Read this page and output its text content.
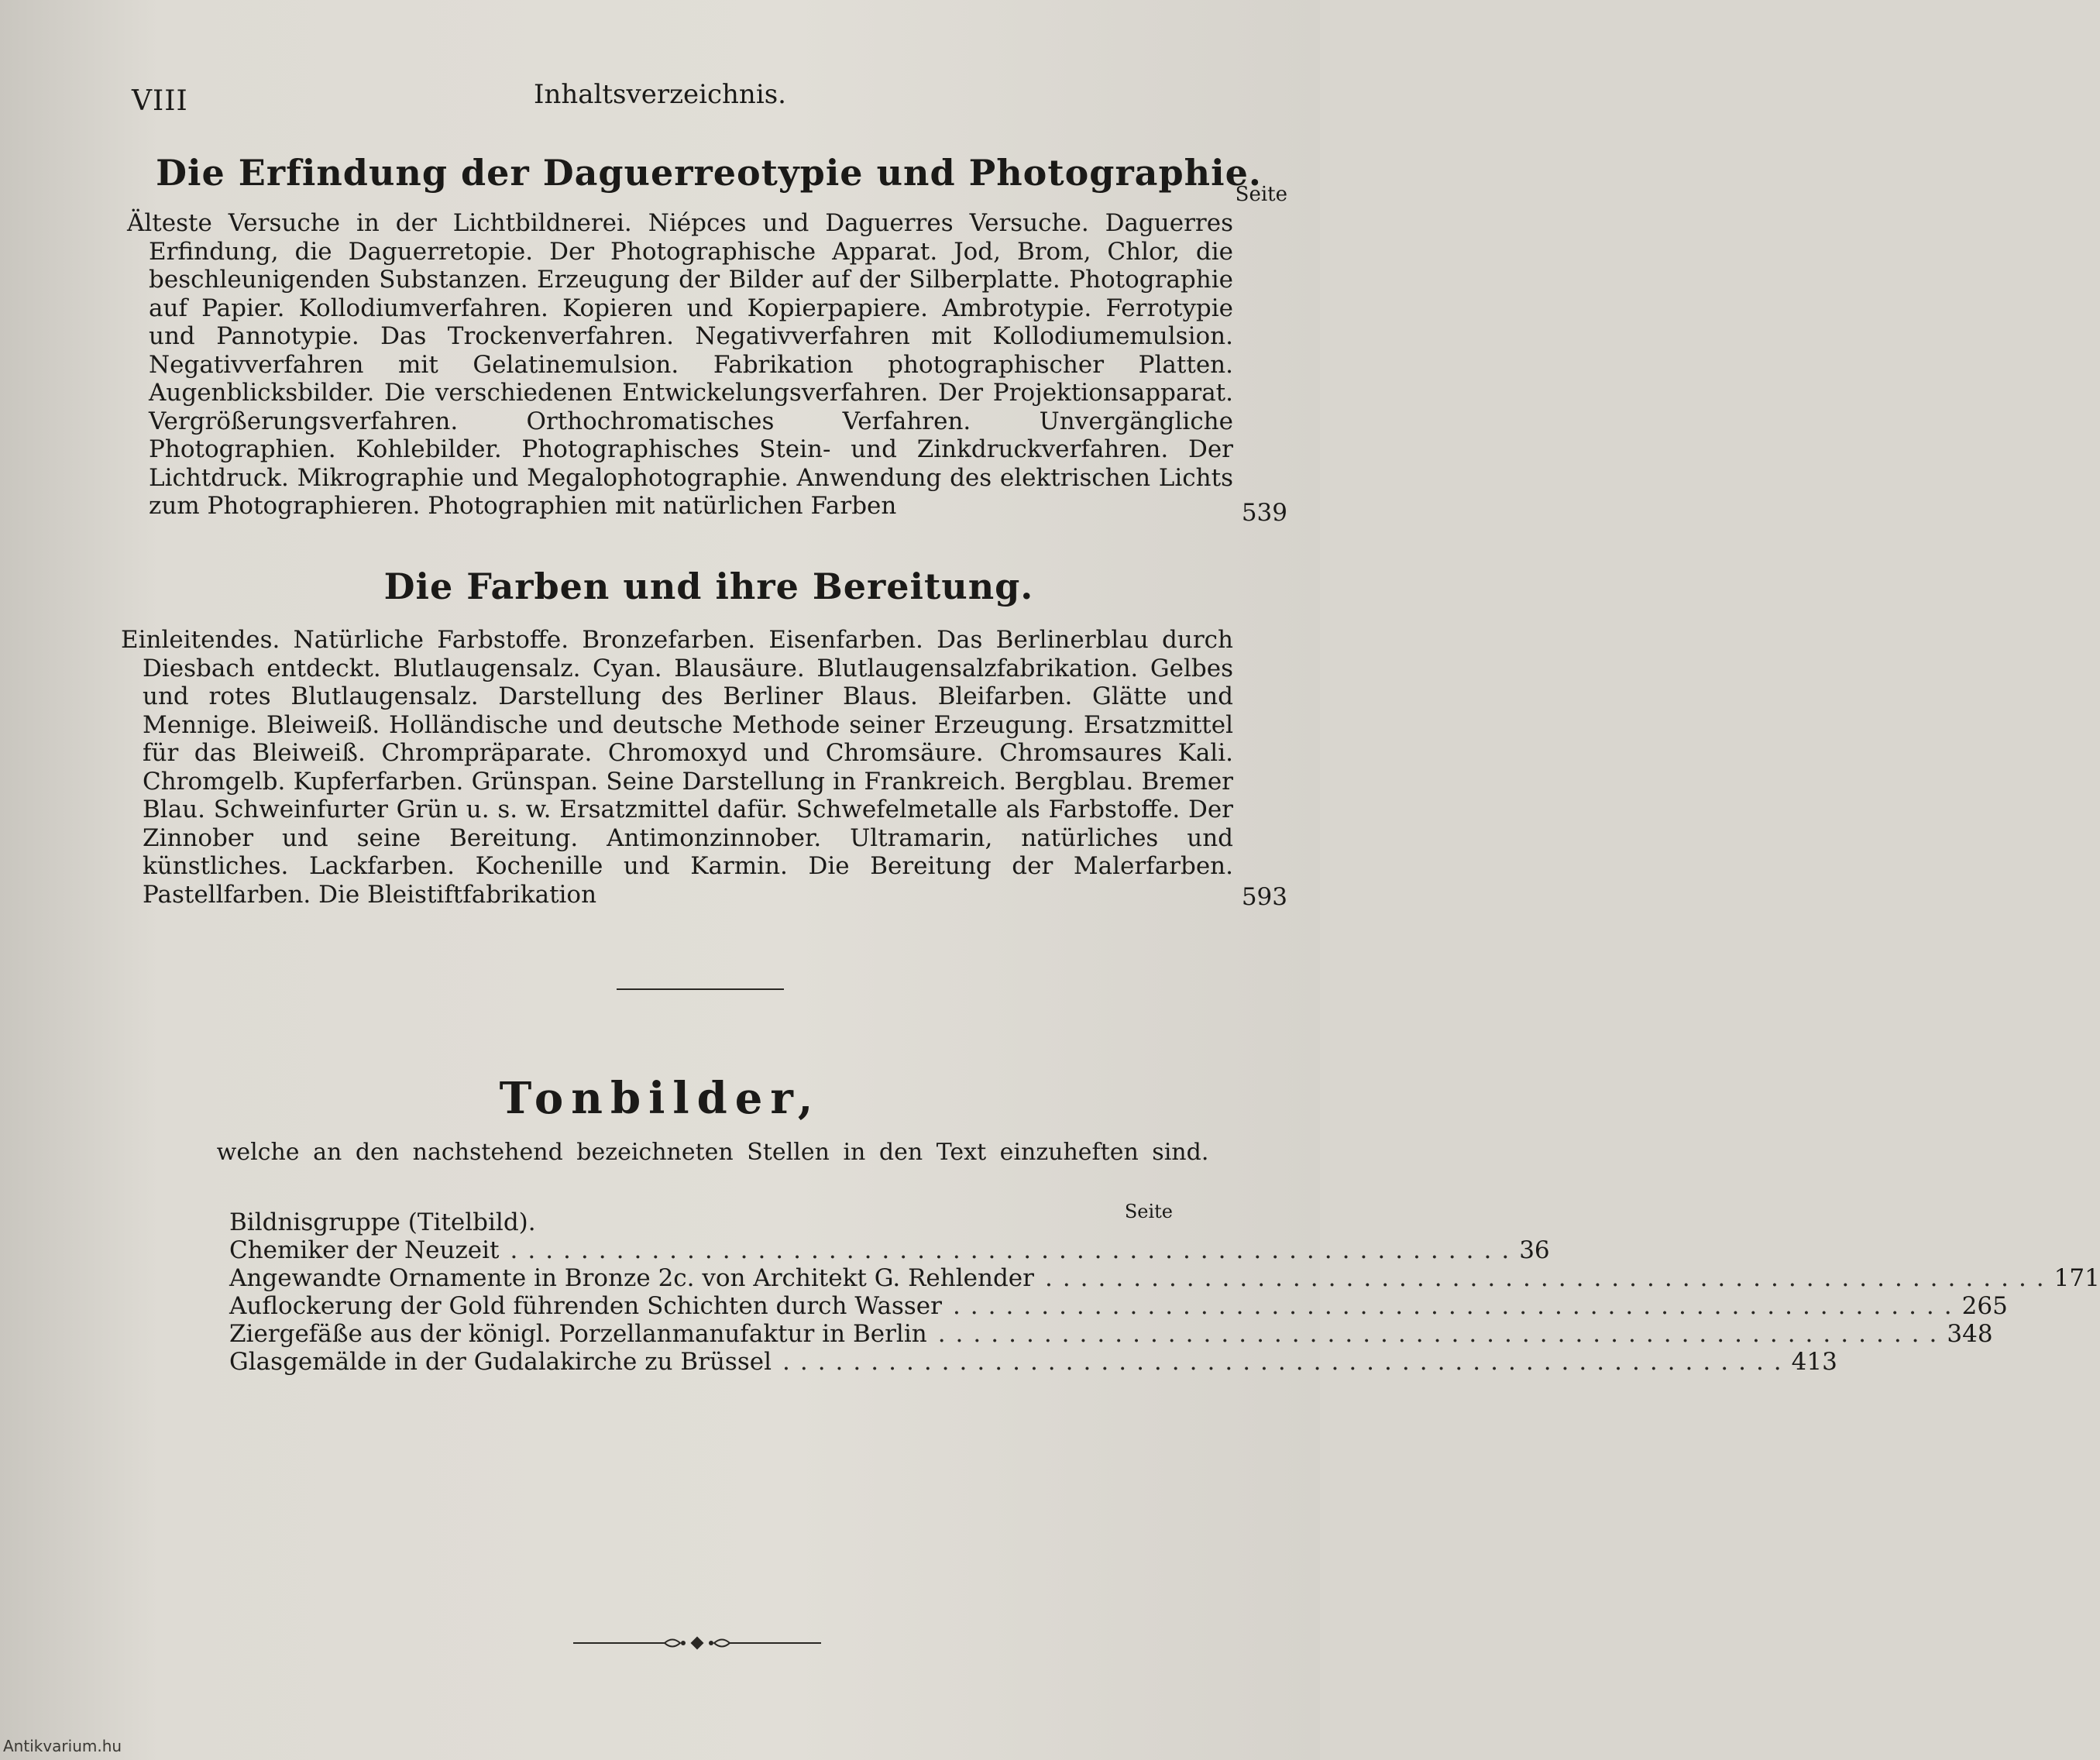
VIII	Inhaltsverzeichnis.
Die Erfindung der Daguerreotypie und Photographie.
Seite

Älteste Versuche in der Lichtbildnerei. Niépces und Daguerres Versuche. Daguerres Erfindung, die Daguerretopie. Der Photographische Apparat. Jod, Brom, Chlor, die beschleunigenden Substanzen. Erzeugung der Bilder auf der Silberplatte. Photographie auf Papier. Kollodiumverfahren. Kopieren und Kopierpapiere. Ambrotypie. Ferrotypie und Pannotypie. Das Trockenverfahren. Negativverfahren mit Kollodiumemulsion. Negativverfahren mit Gelatinemulsion. Fabrikation photographischer Platten. Augenblicksbilder. Die verschiedenen Entwickelungsverfahren. Der Projektionsapparat. Vergrößerungsverfahren. Orthochromatisches Verfahren. Unvergängliche Photographien. Kohlebilder. Photographisches Stein- und Zinkdruckverfahren. Der Lichtdruck. Mikrographie und Megalophotographie. Anwendung des elektrischen Lichts zum Photographieren. Photographien mit natürlichen Farben	539
Die Farben und ihre Bereitung.

Einleitendes. Natürliche Farbstoffe. Bronzefarben. Eisenfarben. Das Berlinerblau durch Diesbach entdeckt. Blutlaugensalz. Cyan. Blausäure. Blutlaugensalzfabrikation. Gelbes und rotes Blutlaugensalz. Darstellung des Berliner Blaus. Bleifarben. Glätte und Mennige. Bleiweiß. Holländische und deutsche Methode seiner Erzeugung. Ersatzmittel für das Bleiweiß. Chrompräparate. Chromoxyd und Chromsäure. Chromsaures Kali. Chromgelb. Kupferfarben. Grünspan. Seine Darstellung in Frankreich. Bergblau. Bremer Blau. Schweinfurter Grün u. s. w. Ersatzmittel dafür. Schwefelmetalle als Farbstoffe. Der Zinnober und seine Bereitung. Antimonzinnober. Ultramarin, natürliches und künstliches. Lackfarben. Kochenille und Karmin. Die Bereitung der Malerfarben. Pastellfarben. Die Bleistiftfabrikation	593
Tonbilder,
welche an den nachstehend bezeichneten Stellen in den Text einzuheften sind.
Seite
Bildnisgruppe (Titelbild).
Chemiker der Neuzeit ......................................................... 36
Angewandte Ornamente in Bronze 2c. von Architekt G. Rehlender ......................................................... 171
Auflockerung der Gold führenden Schichten durch Wasser ......................................................... 265
Ziergefäße aus der königl. Porzellanmanufaktur in Berlin ......................................................... 348
Glasgemälde in der Gudalakirche zu Brüssel ......................................................... 413
Antikvarium.hu
